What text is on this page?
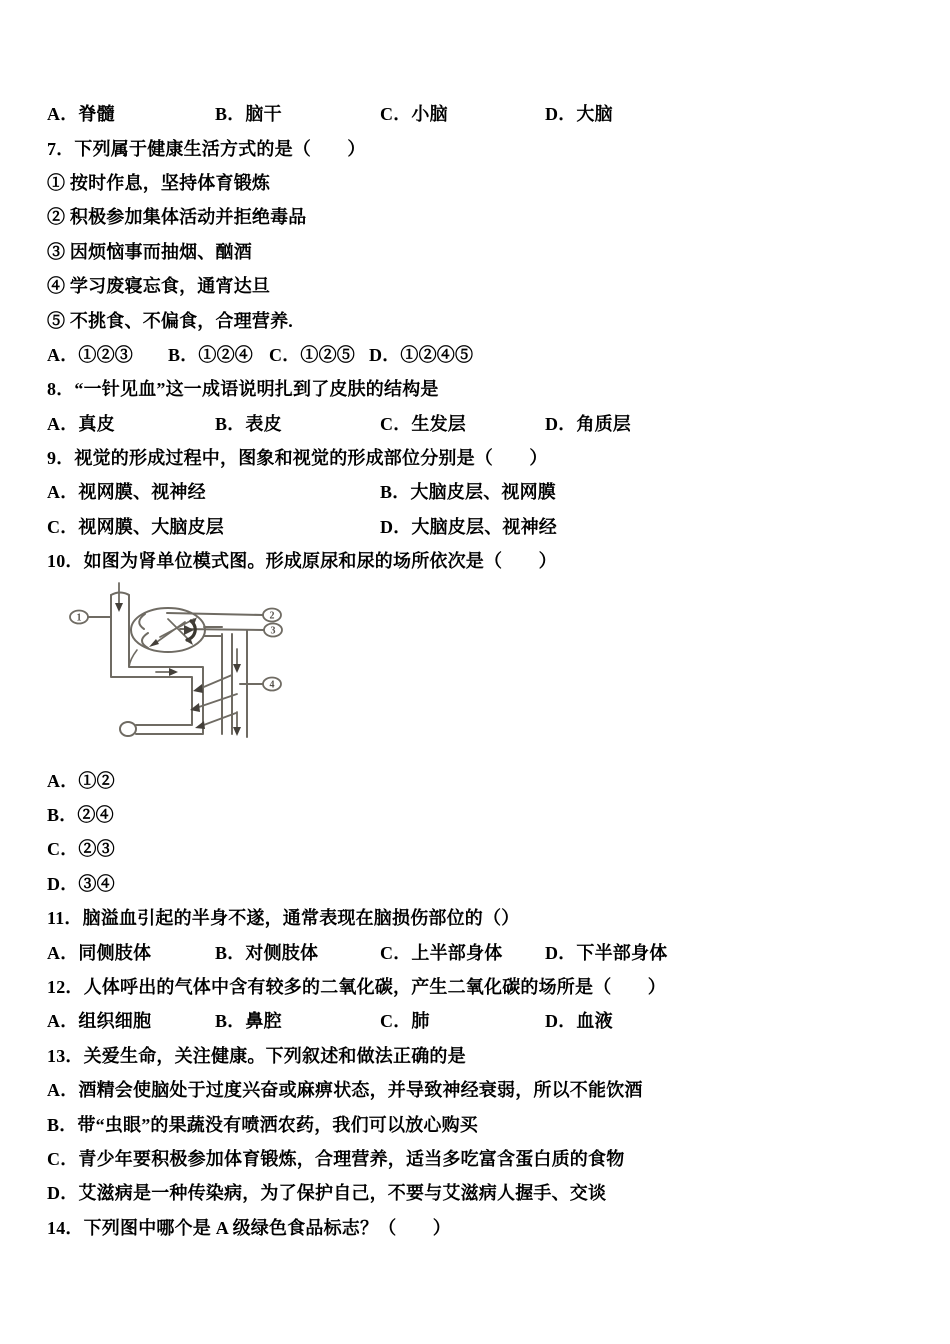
A．脊髓	B．脑干	C．小脑	D．大脑
7．下列属于健康生活方式的是（　　）
① 按时作息，坚持体育锻炼
② 积极参加集体活动并拒绝毒品
③ 因烦恼事而抽烟、酗酒
④ 学习废寝忘食，通宵达旦
⑤ 不挑食、不偏食，合理营养.
A．①②③	B．①②④ C．①②⑤ D．①②④⑤
8．“一针见血”这一成语说明扎到了皮肤的结构是
A．真皮	B．表皮	C．生发层	D．角质层
9．视觉的形成过程中，图象和视觉的形成部位分别是（　　）
A．视网膜、视神经	B．大脑皮层、视网膜
C．视网膜、大脑皮层	D．大脑皮层、视神经
10．如图为肾单位模式图。形成原尿和尿的场所依次是（　　）
1	2
3
4
A．①②
B．②④
C．②③
D．③④
11．脑溢血引起的半身不遂，通常表现在脑损伤部位的（）
A．同侧肢体	B．对侧肢体	C．上半部身体	D．下半部身体
12．人体呼出的气体中含有较多的二氧化碳，产生二氧化碳的场所是（　　）
A．组织细胞	B．鼻腔	C．肺	D．血液
13．关爱生命，关注健康。下列叙述和做法正确的是
A．酒精会使脑处于过度兴奋或麻痹状态，并导致神经衰弱，所以不能饮酒
B．带“虫眼”的果蔬没有喷洒农药，我们可以放心购买
C．青少年要积极参加体育锻炼，合理营养，适当多吃富含蛋白质的食物
D．艾滋病是一种传染病，为了保护自己，不要与艾滋病人握手、交谈
14．下列图中哪个是 A 级绿色食品标志？（　　）
